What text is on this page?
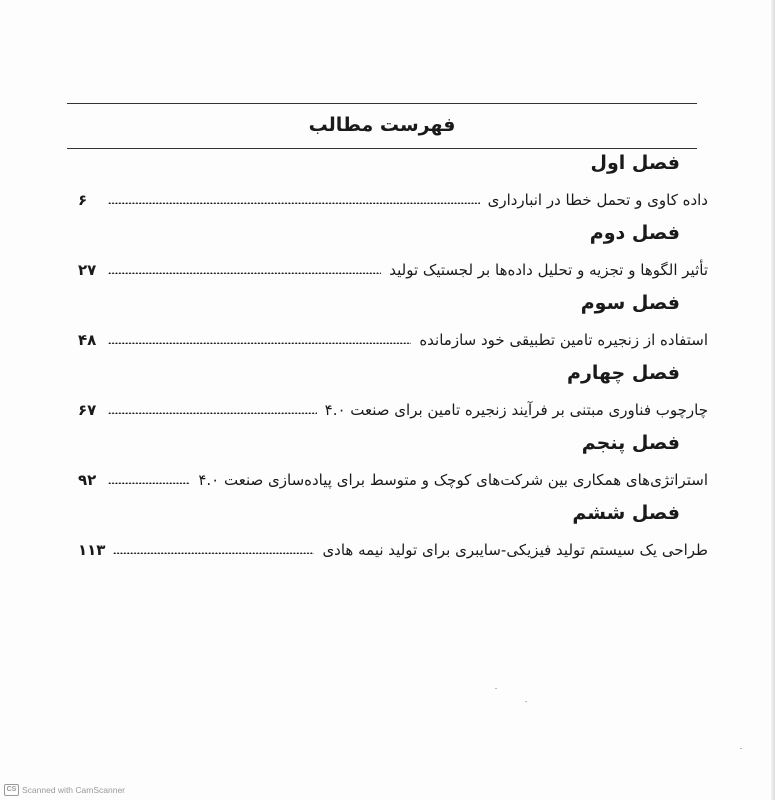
فهرست مطالب
فصل اول
داده کاوی و تحمل خطا در انبارداری
۶
فصل دوم
تأثیر الگوها و تجزیه و تحلیل داده‌ها بر لجستیک تولید
۲۷
فصل سوم
استفاده از زنجیره تامین تطبیقی خود سازمانده
۴۸
فصل چهارم
چارچوب فناوری مبتنی بر فرآیند زنجیره تامین برای صنعت ۴.۰
۶۷
فصل پنجم
استراتژی‌های همکاری بین شرکت‌های کوچک و متوسط برای پیاده‌سازی صنعت ۴.۰
۹۲
فصل ششم
طراحی یک سیستم تولید فیزیکی-سایبری برای تولید نیمه هادی
۱۱۳
CS Scanned with CamScanner
